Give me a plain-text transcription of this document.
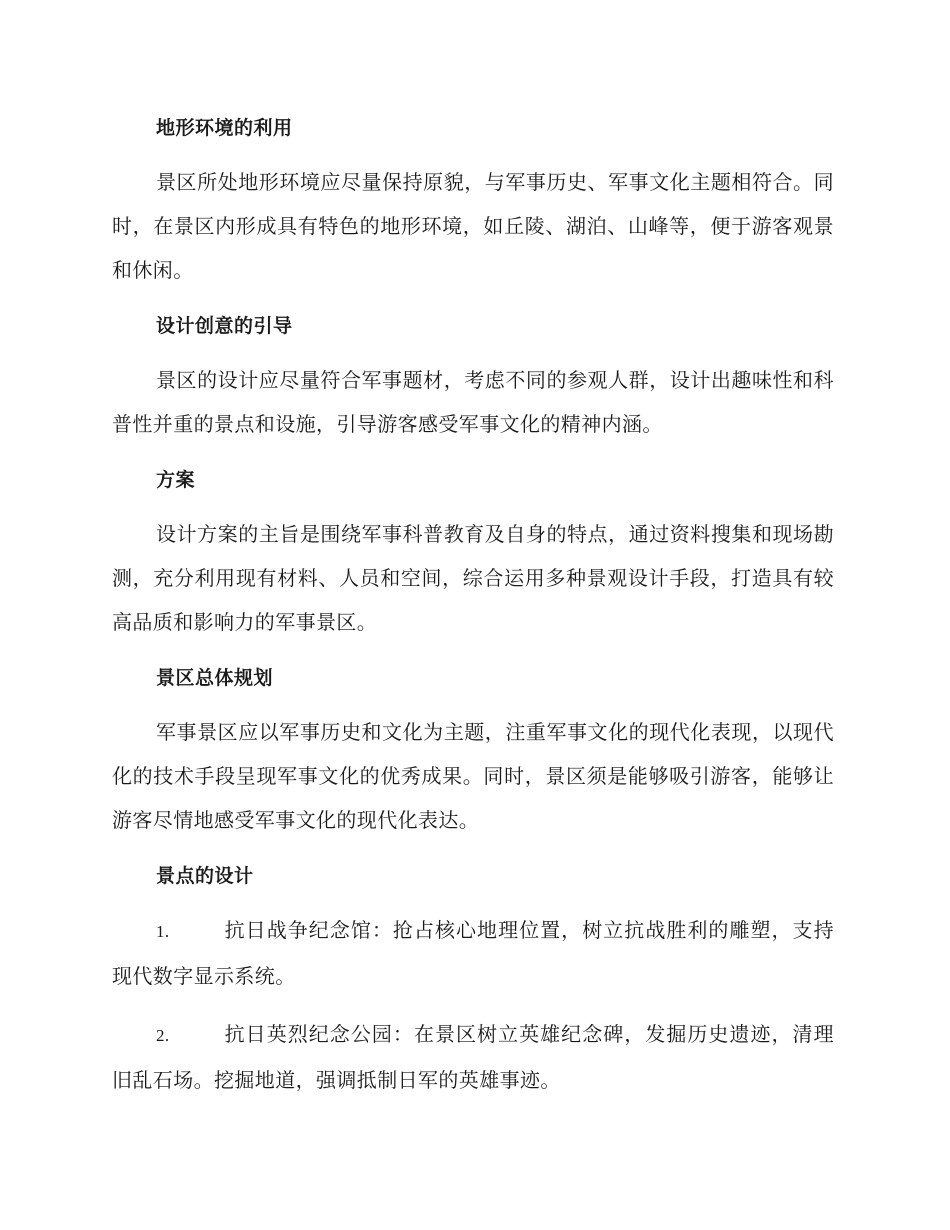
地形环境的利用

景区所处地形环境应尽量保持原貌，与军事历史、军事文化主题相符合。同时，在景区内形成具有特色的地形环境，如丘陵、湖泊、山峰等，便于游客观景和休闲。

设计创意的引导

景区的设计应尽量符合军事题材，考虑不同的参观人群，设计出趣味性和科普性并重的景点和设施，引导游客感受军事文化的精神内涵。

方案

设计方案的主旨是围绕军事科普教育及自身的特点，通过资料搜集和现场勘测，充分利用现有材料、人员和空间，综合运用多种景观设计手段，打造具有较高品质和影响力的军事景区。

景区总体规划

军事景区应以军事历史和文化为主题，注重军事文化的现代化表现，以现代化的技术手段呈现军事文化的优秀成果。同时，景区须是能够吸引游客，能够让游客尽情地感受军事文化的现代化表达。

景点的设计

1.	抗日战争纪念馆：抢占核心地理位置，树立抗战胜利的雕塑，支持现代数字显示系统。

2.	抗日英烈纪念公园：在景区树立英雄纪念碑，发掘历史遗迹，清理旧乱石场。挖掘地道，强调抵制日军的英雄事迹。
